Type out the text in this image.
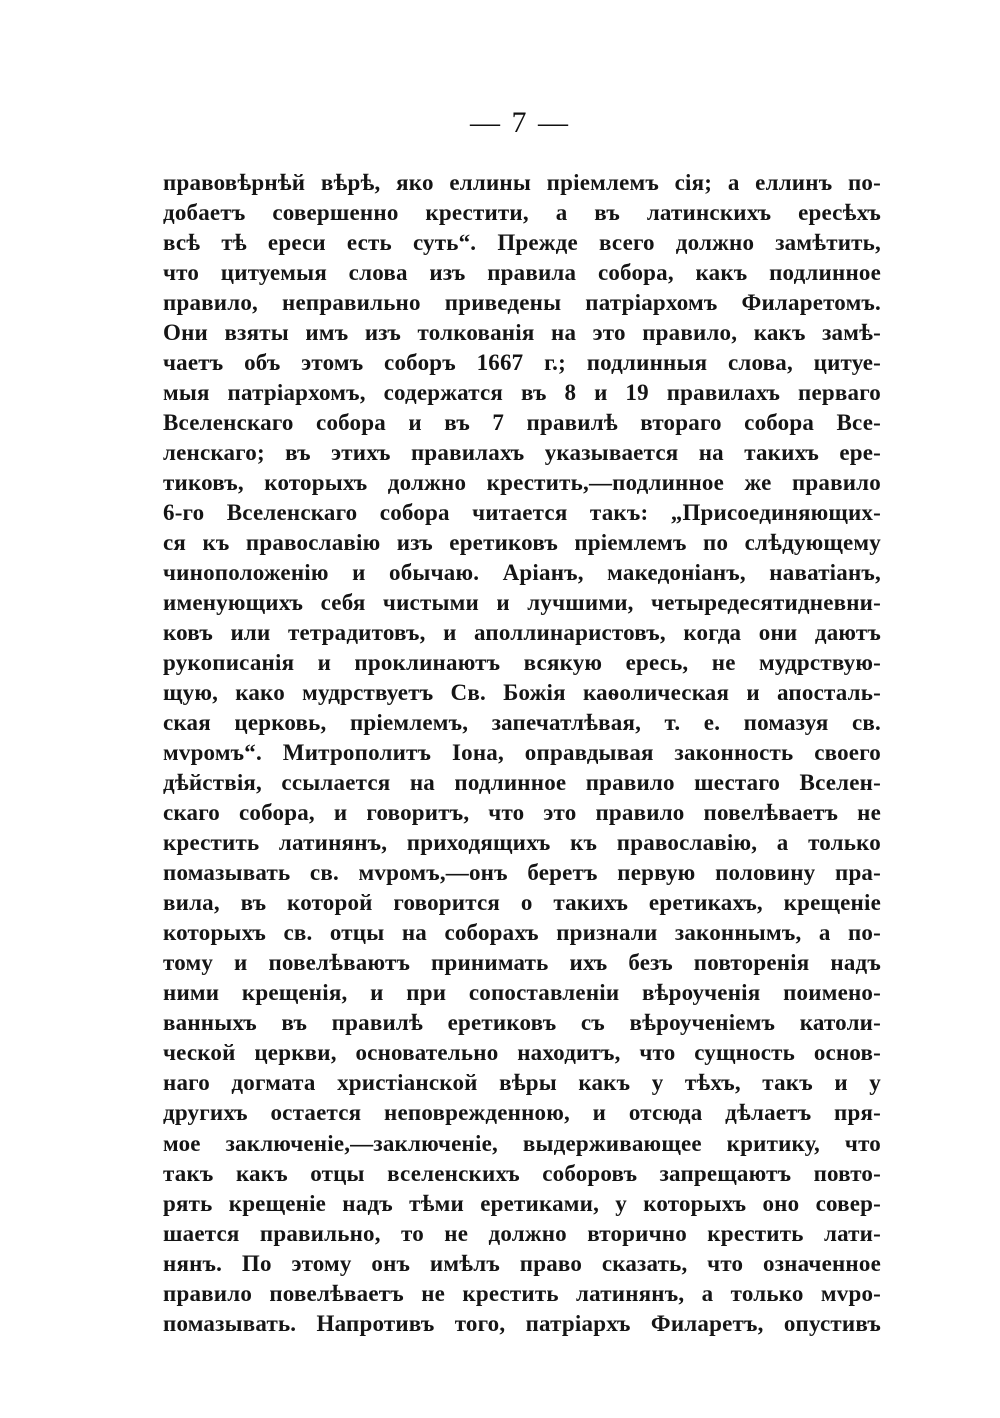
— 7 —
правовѣрнѣй вѣрѣ, яко еллины пріемлемъ сія; а еллинъ по-
добаетъ совершенно крестити, а въ латинскихъ ересѣхъ
всѣ тѣ ереси есть суть“. Прежде всего должно замѣтить,
что цитуемыя слова изъ правила собора, какъ подлинное
правило, неправильно приведены патріархомъ Филаретомъ.
Они взяты имъ изъ толкованія на это правило, какъ замѣ-
чаетъ объ этомъ соборъ 1667 г.; подлинныя слова, цитуе-
мыя патріархомъ, содержатся въ 8 и 19 правилахъ перваго
Вселенскаго собора и въ 7 правилѣ втораго собора Все-
ленскаго; въ этихъ правилахъ указывается на такихъ ере-
тиковъ, которыхъ должно крестить,—подлинное же правило
6-го Вселенскаго собора читается такъ: „Присоединяющих-
ся къ православію изъ еретиковъ пріемлемъ по слѣдующему
чиноположенію и обычаю. Аріанъ, македоніанъ, наватіанъ,
именующихъ себя чистыми и лучшими, четыредесятидневни-
ковъ или тетрадитовъ, и аполлинаристовъ, когда они даютъ
рукописанія и проклинаютъ всякую ересь, не мудрствую-
щую, како мудрствуетъ Св. Божія каѳолическая и апосталь-
ская церковь, пріемлемъ, запечатлѣвая, т. е. помазуя св.
мvромъ“. Митрополитъ Іона, оправдывая законность своего
дѣйствія, ссылается на подлинное правило шестаго Вселен-
скаго собора, и говоритъ, что это правило повелѣваетъ не
крестить латинянъ, приходящихъ къ православію, а только
помазывать св. мvромъ,—онъ беретъ первую половину пра-
вила, въ которой говорится о такихъ еретикахъ, крещеніе
которыхъ св. отцы на соборахъ признали законнымъ, а по-
тому и повелѣваютъ принимать ихъ безъ повторенія надъ
ними крещенія, и при сопоставленіи вѣроученія поимено-
ванныхъ въ правилѣ еретиковъ съ вѣроученіемъ католи-
ческой церкви, основательно находитъ, что сущность основ-
наго догмата христіанской вѣры какъ у тѣхъ, такъ и у
другихъ остается неповрежденною, и отсюда дѣлаетъ пря-
мое заключеніе,—заключеніе, выдерживающее критику, что
такъ какъ отцы вселенскихъ соборовъ запрещаютъ повто-
рять крещеніе надъ тѣми еретиками, у которыхъ оно совер-
шается правильно, то не должно вторично крестить лати-
нянъ. По этому онъ имѣлъ право сказать, что означенное
правило повелѣваетъ не крестить латинянъ, а только мvро-
помазывать. Напротивъ того, патріархъ Филаретъ, опустивъ
